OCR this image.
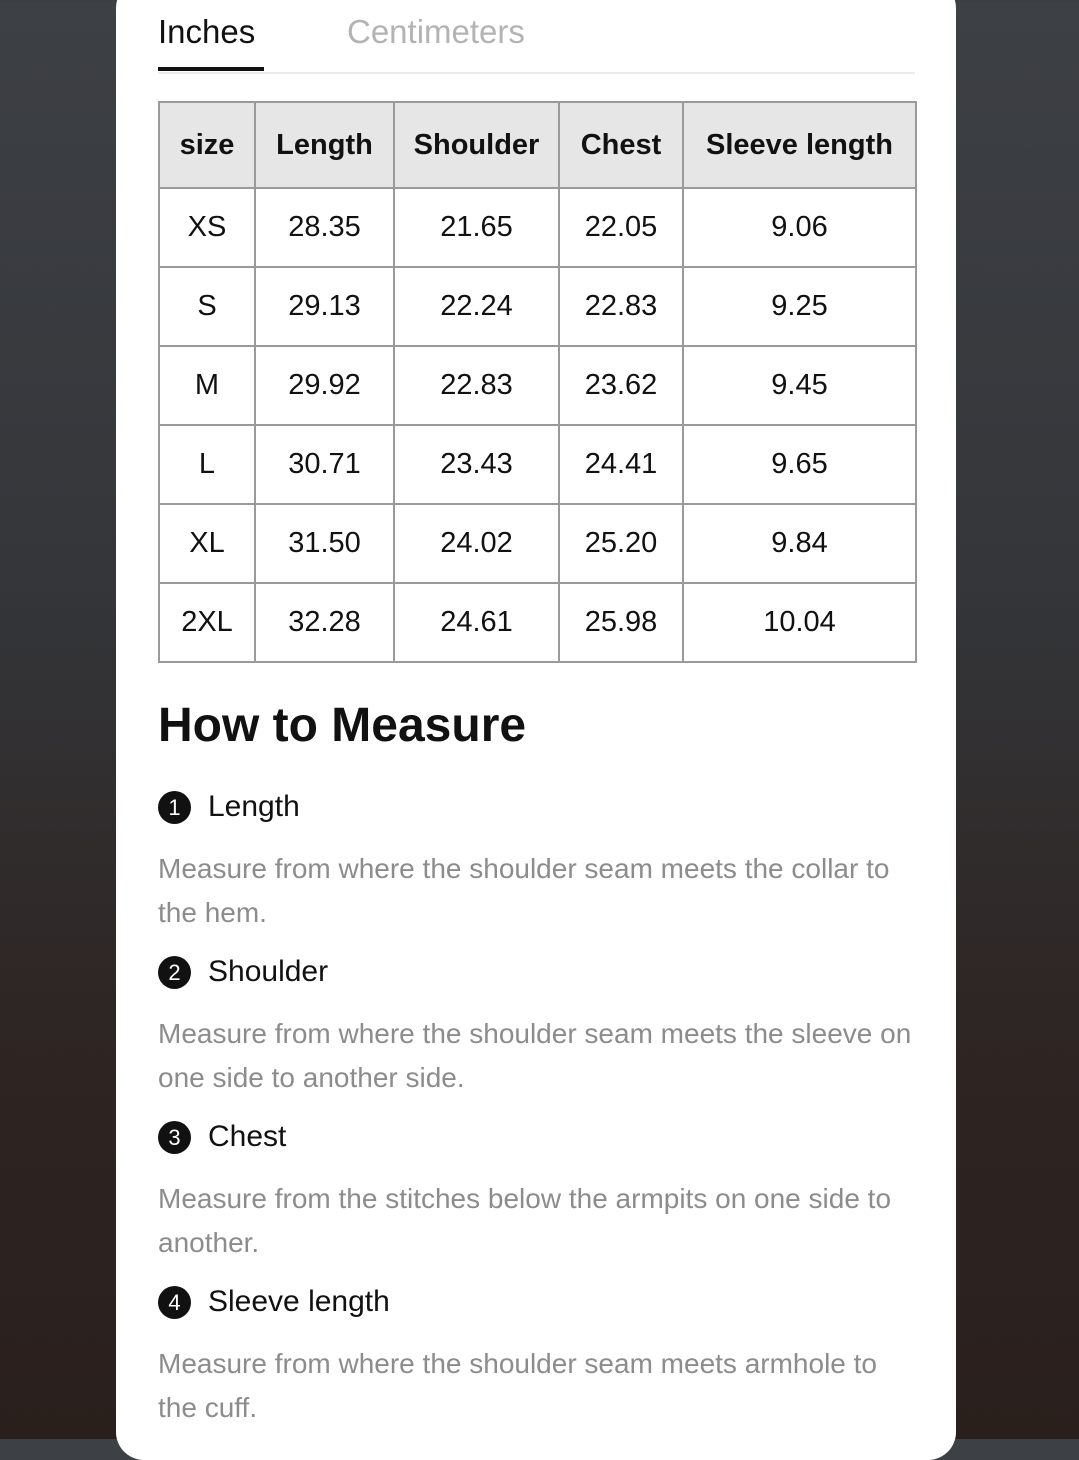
Inches	Centimeters
size	Length	Shoulder	Chest	Sleeve length
XS	28.35	21.65	22.05	9.06
S	29.13	22.24	22.83	9.25
M	29.92	22.83	23.62	9.45
L	30.71	23.43	24.41	9.65
XL	31.50	24.02	25.20	9.84
2XL	32.28	24.61	25.98	10.04
How to Measure
1 Length

Measure from where the shoulder seam meets the collar to the hem.

2 Shoulder

Measure from where the shoulder seam meets the sleeve on one side to another side.

3 Chest

Measure from the stitches below the armpits on one side to another.

4 Sleeve length

Measure from where the shoulder seam meets armhole to the cuff.
